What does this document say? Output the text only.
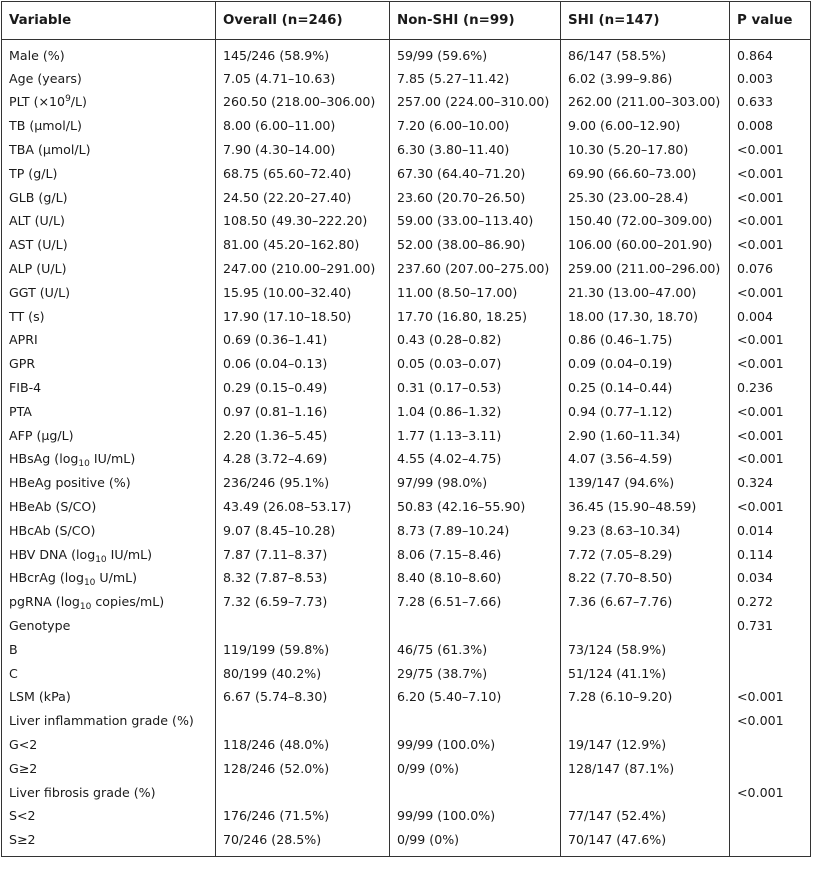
Variable	Overall (n=246)	Non-SHI (n=99)	SHI (n=147)	P value
Male (%)	145/246 (58.9%)	59/99 (59.6%)	86/147 (58.5%)	0.864
Age (years)	7.05 (4.71–10.63)	7.85 (5.27–11.42)	6.02 (3.99–9.86)	0.003
PLT $(\times 10^9/L)$	260.50 (218.00–306.00)	257.00 (224.00–310.00)	262.00 (211.00–303.00)	0.633
TB (μmol/L)	8.00 (6.00–11.00)	7.20 (6.00–10.00)	9.00 (6.00–12.90)	0.008
TBA (μmol/L)	7.90 (4.30–14.00)	6.30 (3.80–11.40)	10.30 (5.20–17.80)	<0.001
TP (g/L)	68.75 (65.60–72.40)	67.30 (64.40–71.20)	69.90 (66.60–73.00)	<0.001
GLB (g/L)	24.50 (22.20–27.40)	23.60 (20.70–26.50)	25.30 (23.00–28.4)	<0.001
ALT (U/L)	108.50 (49.30–222.20)	59.00 (33.00–113.40)	150.40 (72.00–309.00)	<0.001
AST (U/L)	81.00 (45.20–162.80)	52.00 (38.00–86.90)	106.00 (60.00–201.90)	<0.001
ALP (U/L)	247.00 (210.00–291.00)	237.60 (207.00–275.00)	259.00 (211.00–296.00)	0.076
GGT (U/L)	15.95 (10.00–32.40)	11.00 (8.50–17.00)	21.30 (13.00–47.00)	<0.001
TT (s)	17.90 (17.10–18.50)	17.70 (16.80, 18.25)	18.00 (17.30, 18.70)	0.004
APRI	0.69 (0.36–1.41)	0.43 (0.28–0.82)	0.86 (0.46–1.75)	<0.001
GPR	0.06 (0.04–0.13)	0.05 (0.03–0.07)	0.09 (0.04–0.19)	<0.001
FIB-4	0.29 (0.15–0.49)	0.31 (0.17–0.53)	0.25 (0.14–0.44)	0.236
PTA	0.97 (0.81–1.16)	1.04 (0.86–1.32)	0.94 (0.77–1.12)	<0.001
AFP (μg/L)	2.20 (1.36–5.45)	1.77 (1.13–3.11)	2.90 (1.60–11.34)	<0.001
HBsAg ($\log_{10}$ IU/mL)	4.28 (3.72–4.69)	4.55 (4.02–4.75)	4.07 (3.56–4.59)	<0.001
HBeAg positive (%)	236/246 (95.1%)	97/99 (98.0%)	139/147 (94.6%)	0.324
HBeAb (S/CO)	43.49 (26.08–53.17)	50.83 (42.16–55.90)	36.45 (15.90–48.59)	<0.001
HBcAb (S/CO)	9.07 (8.45–10.28)	8.73 (7.89–10.24)	9.23 (8.63–10.34)	0.014
HBV DNA ($\log_{10}$ IU/mL)	7.87 (7.11–8.37)	8.06 (7.15–8.46)	7.72 (7.05–8.29)	0.114
HBcrAg ($\log_{10}$ U/mL)	8.32 (7.87–8.53)	8.40 (8.10–8.60)	8.22 (7.70–8.50)	0.034
pgRNA ($\log_{10}$ copies/mL)	7.32 (6.59–7.73)	7.28 (6.51–7.66)	7.36 (6.67–7.76)	0.272
Genotype				0.731
B	119/199 (59.8%)	46/75 (61.3%)	73/124 (58.9%)	
C	80/199 (40.2%)	29/75 (38.7%)	51/124 (41.1%)	
LSM (kPa)	6.67 (5.74–8.30)	6.20 (5.40–7.10)	7.28 (6.10–9.20)	<0.001
Liver inflammation grade (%)				<0.001
G<2	118/246 (48.0%)	99/99 (100.0%)	19/147 (12.9%)	
G≥2	128/246 (52.0%)	0/99 (0%)	128/147 (87.1%)	
Liver fibrosis grade (%)				<0.001
S<2	176/246 (71.5%)	99/99 (100.0%)	77/147 (52.4%)	
S≥2	70/246 (28.5%)	0/99 (0%)	70/147 (47.6%)	
